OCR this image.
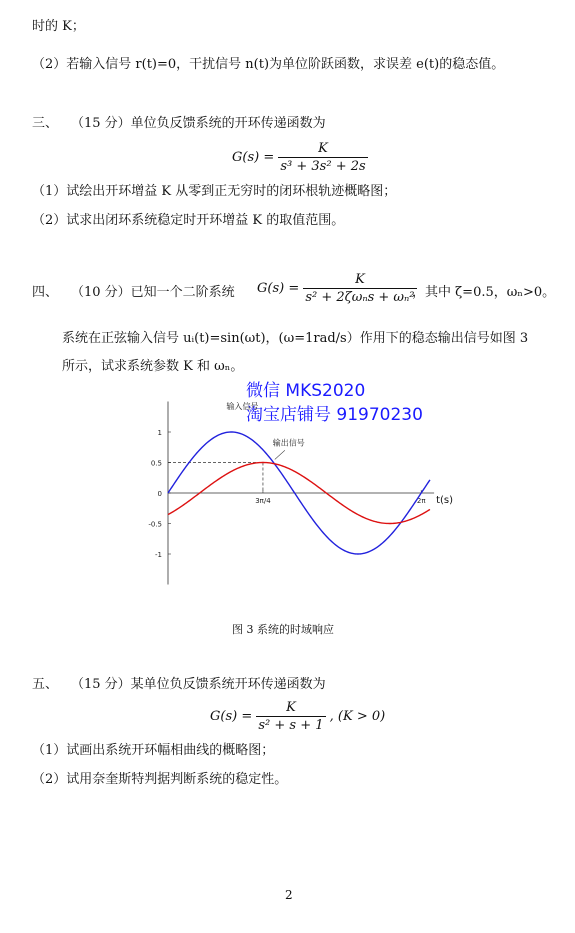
时的 K；
（2）若输入信号 r(t)=0，干扰信号 n(t)为单位阶跃函数，求误差 e(t)的稳态值。
三、　　（15 分）单位负反馈系统的开环传递函数为
$G(s) = \frac{K}{\text{s³ + 3s² + 2s}}$
（1）试绘出开环增益 K 从零到正无穷时的闭环根轨迹概略图；
（2）试求出闭环系统稳定时开环增益 K 的取值范围。
四、　　（10 分）已知一个二阶系统 $G(s) = \frac{K}{\text{s² + 2ζωₙs + ωₙ²}}$
，其中 ζ=0.5，ωₙ>0。
系统在正弦输入信号 uᵢ(t)=sin(ωt)，(ω=1rad/s）作用下的稳态输出信号如图 3
所示，试求系统参数 K 和 ωₙ。
微信 MKS2020
淘宝店铺号 91970230
1
0.5
0
-0.5
-1
3π/4	2π t(s)
输入信号
输出信号
图 3 系统的时域响应
五、　　（15 分）某单位负反馈系统开环传递函数为
$G(s) = \frac{K}{\text{s² + s + 1}}$ , (K > 0)
（1）试画出系统开环幅相曲线的概略图；
（2）试用奈奎斯特判据判断系统的稳定性。
2
